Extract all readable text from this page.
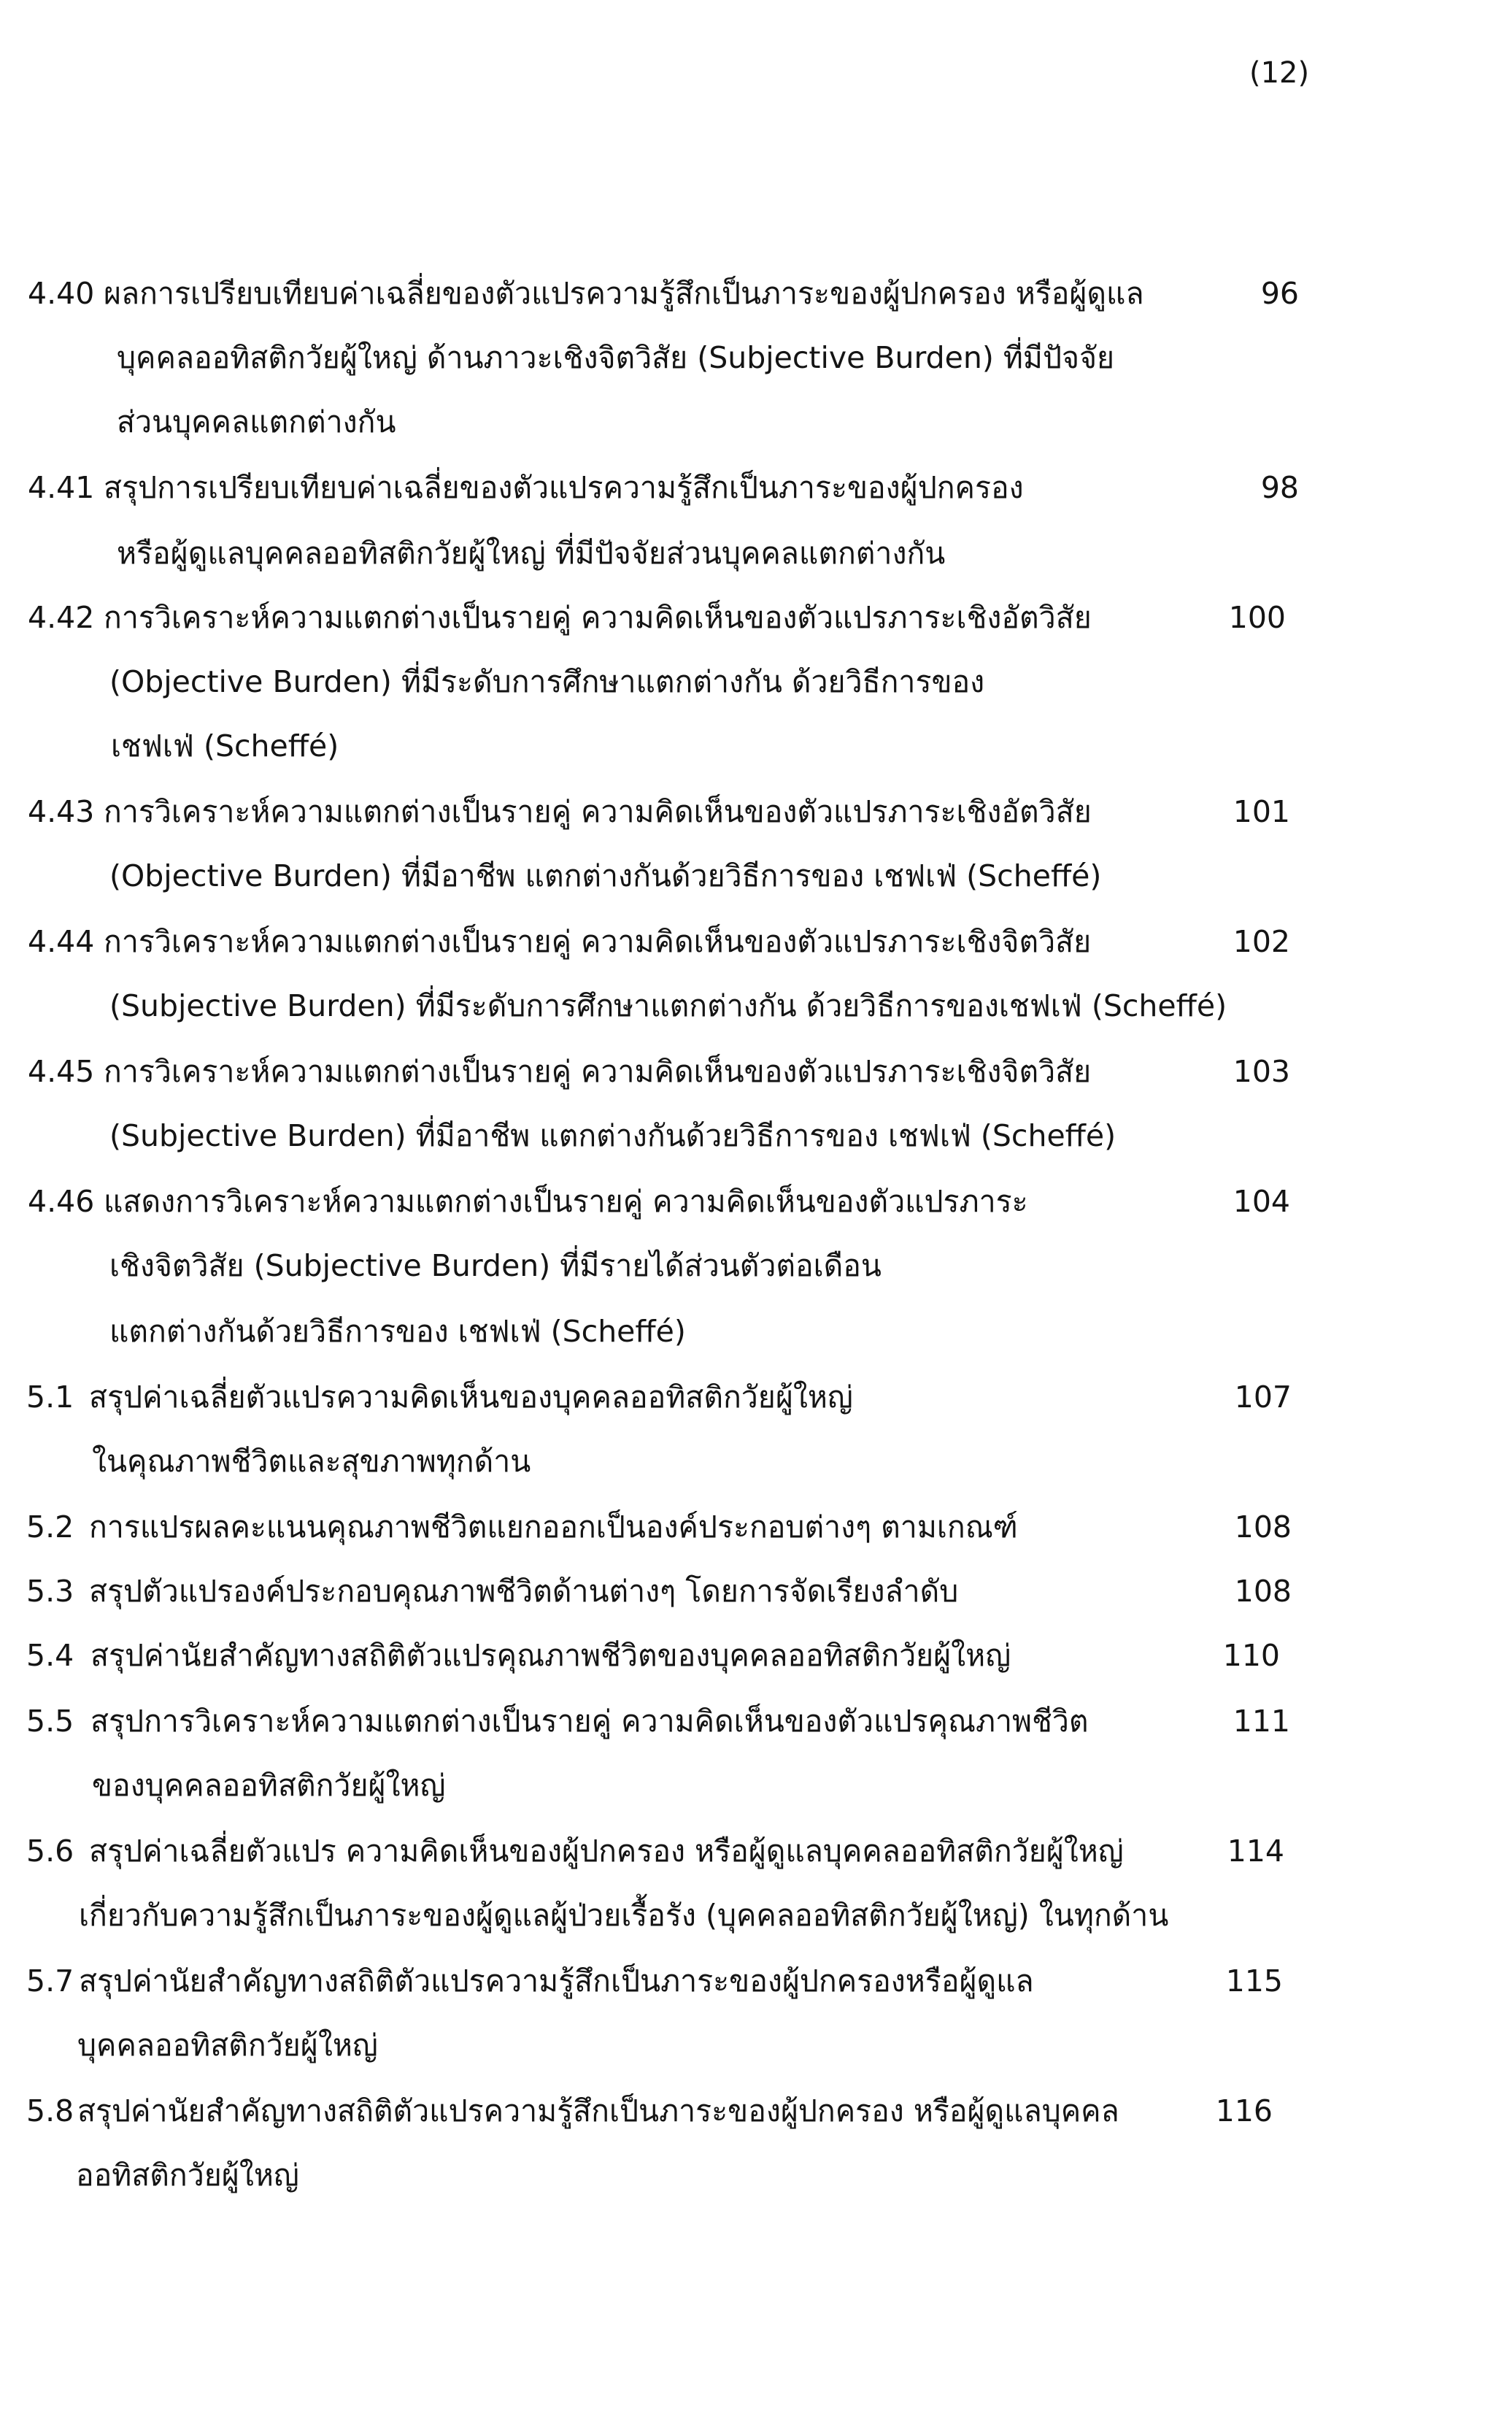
(12)
4.40 ผลการเปรียบเทียบค่าเฉลี่ยของตัวแปรความรู้สึกเป็นภาระของผู้ปกครอง หรือผู้ดูแล
บุคคลออทิสติกวัยผู้ใหญ่ ด้านภาวะเชิงจิตวิสัย (Subjective Burden) ที่มีปัจจัย
ส่วนบุคคลแตกต่างกัน
96
4.41 สรุปการเปรียบเทียบค่าเฉลี่ยของตัวแปรความรู้สึกเป็นภาระของผู้ปกครอง
หรือผู้ดูแลบุคคลออทิสติกวัยผู้ใหญ่ ที่มีปัจจัยส่วนบุคคลแตกต่างกัน
98
4.42 การวิเคราะห์ความแตกต่างเป็นรายคู่ ความคิดเห็นของตัวแปรภาระเชิงอัตวิสัย
(Objective Burden) ที่มีระดับการศึกษาแตกต่างกัน ด้วยวิธีการของ
เชฟเฟ่ (Scheffé)
100
4.43 การวิเคราะห์ความแตกต่างเป็นรายคู่ ความคิดเห็นของตัวแปรภาระเชิงอัตวิสัย
(Objective Burden) ที่มีอาชีพ แตกต่างกันด้วยวิธีการของ เชฟเฟ่ (Scheffé)
101
4.44 การวิเคราะห์ความแตกต่างเป็นรายคู่ ความคิดเห็นของตัวแปรภาระเชิงจิตวิสัย
(Subjective Burden) ที่มีระดับการศึกษาแตกต่างกัน ด้วยวิธีการของเชฟเฟ่ (Scheffé)
102
4.45 การวิเคราะห์ความแตกต่างเป็นรายคู่ ความคิดเห็นของตัวแปรภาระเชิงจิตวิสัย
(Subjective Burden) ที่มีอาชีพ แตกต่างกันด้วยวิธีการของ เชฟเฟ่ (Scheffé)
103
4.46 แสดงการวิเคราะห์ความแตกต่างเป็นรายคู่ ความคิดเห็นของตัวแปรภาระ
เชิงจิตวิสัย (Subjective Burden) ที่มีรายได้ส่วนตัวต่อเดือน
แตกต่างกันด้วยวิธีการของ เชฟเฟ่ (Scheffé)
104
5.1 สรุปค่าเฉลี่ยตัวแปรความคิดเห็นของบุคคลออทิสติกวัยผู้ใหญ่
ในคุณภาพชีวิตและสุขภาพทุกด้าน
107
5.2 การแปรผลคะแนนคุณภาพชีวิตแยกออกเป็นองค์ประกอบต่างๆ ตามเกณฑ์	108
5.3 สรุปตัวแปรองค์ประกอบคุณภาพชีวิตด้านต่างๆ โดยการจัดเรียงลำดับ	108
5.4 สรุปค่านัยสำคัญทางสถิติตัวแปรคุณภาพชีวิตของบุคคลออทิสติกวัยผู้ใหญ่	110
5.5 สรุปการวิเคราะห์ความแตกต่างเป็นรายคู่ ความคิดเห็นของตัวแปรคุณภาพชีวิต
ของบุคคลออทิสติกวัยผู้ใหญ่
111
5.6 สรุปค่าเฉลี่ยตัวแปร ความคิดเห็นของผู้ปกครอง หรือผู้ดูแลบุคคลออทิสติกวัยผู้ใหญ่
เกี่ยวกับความรู้สึกเป็นภาระของผู้ดูแลผู้ป่วยเรื้อรัง (บุคคลออทิสติกวัยผู้ใหญ่) ในทุกด้าน
114
5.7 สรุปค่านัยสำคัญทางสถิติตัวแปรความรู้สึกเป็นภาระของผู้ปกครองหรือผู้ดูแล
บุคคลออทิสติกวัยผู้ใหญ่
115
5.8 สรุปค่านัยสำคัญทางสถิติตัวแปรความรู้สึกเป็นภาระของผู้ปกครอง หรือผู้ดูแลบุคคล
ออทิสติกวัยผู้ใหญ่
116
